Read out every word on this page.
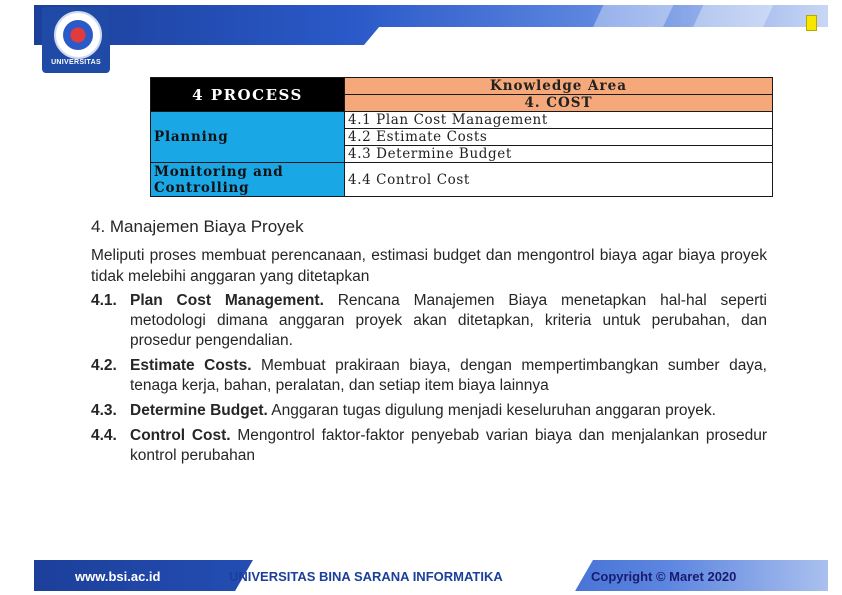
UNIVERSITAS
4 PROCESS	Knowledge Area
	4. COST
Planning	4.1 Plan Cost Management
	4.2 Estimate Costs
	4.3 Determine Budget
Monitoring and Controlling	4.4 Control Cost
4. Manajemen Biaya Proyek
Meliputi proses membuat perencanaan, estimasi budget dan mengontrol biaya agar biaya proyek tidak melebihi anggaran yang ditetapkan
4.1. Plan Cost Management. Rencana Manajemen Biaya menetapkan hal-hal seperti metodologi dimana anggaran proyek akan ditetapkan, kriteria untuk perubahan, dan prosedur pengendalian.
4.2. Estimate Costs. Membuat prakiraan biaya, dengan mempertimbangkan sumber daya, tenaga kerja, bahan, peralatan, dan setiap item biaya lainnya
4.3. Determine Budget. Anggaran tugas digulung menjadi keseluruhan anggaran proyek.
4.4. Control Cost. Mengontrol faktor-faktor penyebab varian biaya dan menjalankan prosedur kontrol perubahan
www.bsi.ac.id	UNIVERSITAS BINA SARANA INFORMATIKA	Copyright © Maret 2020
